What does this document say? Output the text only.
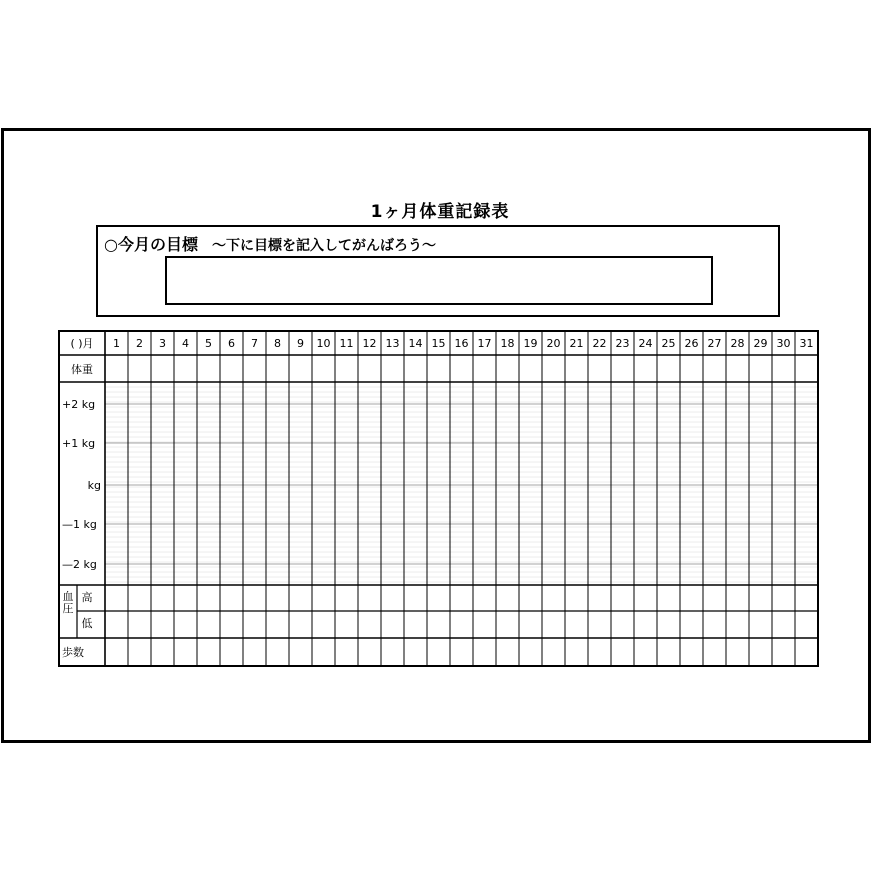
1ヶ月体重記録表
○今月の目標 ～下に目標を記入してがんばろう～
( )月 1 2 3 4 5 6 7 8 9 10 11 12 13 14 15 16 17 18 19 20 21 22 23 24 25 26 27 28 29 30 31
体重
+2 kg
+1 kg
kg
—1 kg
—2 kg
血
圧
高
低
歩数
